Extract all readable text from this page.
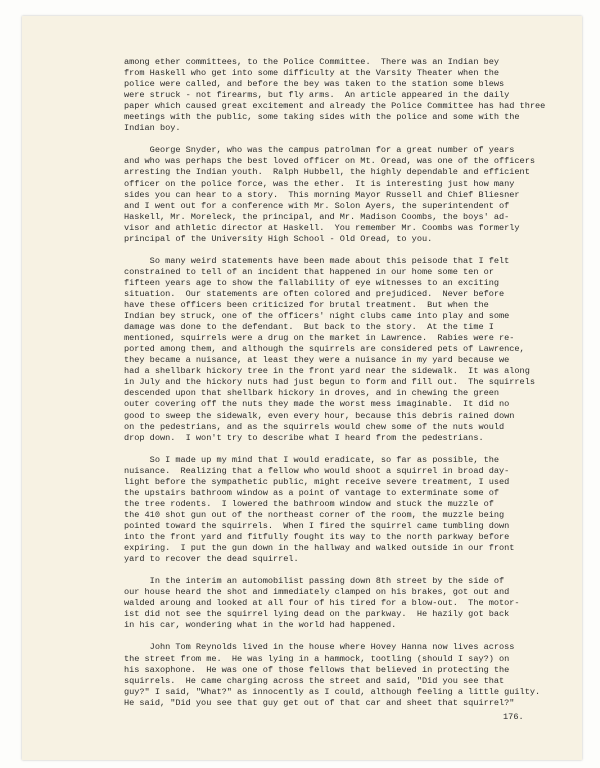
among ether committees, to the Police Committee.  There was an Indian bey
from Haskell who get into some difficulty at the Varsity Theater when the
police were called, and before the bey was taken to the station some blews
were struck - not firearms, but fly arms.  An article appeared in the daily
paper which caused great excitement and already the Police Committee has had three
meetings with the public, some taking sides with the police and some with the
Indian boy.
George Snyder, who was the campus patrolman for a great number of years
and who was perhaps the best loved officer on Mt. Oread, was one of the officers
arresting the Indian youth.  Ralph Hubbell, the highly dependable and efficient
officer on the police force, was the ether.  It is interesting just how many
sides you can hear to a story.  This morning Mayor Russell and Chief Bliesner
and I went out for a conference with Mr. Solon Ayers, the superintendent of
Haskell, Mr. Moreleck, the principal, and Mr. Madison Coombs, the boys' ad-
visor and athletic director at Haskell.  You remember Mr. Coombs was formerly
principal of the University High School - Old Oread, to you.
So many weird statements have been made about this peisode that I felt
constrained to tell of an incident that happened in our home some ten or
fifteen years age to show the fallability of eye witnesses to an exciting
situation.  Our statements are often colored and prejudiced.  Never before
have these officers been criticized for brutal treatment.  But when the
Indian bey struck, one of the officers' night clubs came into play and some
damage was done to the defendant.  But back to the story.  At the time I
mentioned, squirrels were a drug on the market in Lawrence.  Rabies were re-
ported among them, and although the squirrels are considered pets of Lawrence,
they became a nuisance, at least they were a nuisance in my yard because we
had a shellbark hickory tree in the front yard near the sidewalk.  It was along
in July and the hickory nuts had just begun to form and fill out.  The squirrels
descended upon that shellbark hickory in droves, and in chewing the green
outer covering off the nuts they made the worst mess imaginable.  It did no
good to sweep the sidewalk, even every hour, because this debris rained down
on the pedestrians, and as the squirrels would chew some of the nuts would
drop down.  I won't try to describe what I heard from the pedestrians.
So I made up my mind that I would eradicate, so far as possible, the
nuisance.  Realizing that a fellow who would shoot a squirrel in broad day-
light before the sympathetic public, might receive severe treatment, I used
the upstairs bathroom window as a point of vantage to exterminate some of
the tree rodents.  I lowered the bathroom window and stuck the muzzle of
the 410 shot gun out of the northeast corner of the room, the muzzle being
pointed toward the squirrels.  When I fired the squirrel came tumbling down
into the front yard and fitfully fought its way to the north parkway before
expiring.  I put the gun down in the hallway and walked outside in our front
yard to recover the dead squirrel.
In the interim an automobilist passing down 8th street by the side of
our house heard the shot and immediately clamped on his brakes, got out and
walded aroung and looked at all four of his tired for a blow-out.  The motor-
ist did not see the squirrel lying dead on the parkway.  He hazily got back
in his car, wondering what in the world had happened.
John Tom Reynolds lived in the house where Hovey Hanna now lives across
the street from me.  He was lying in a hammock, tootling (should I say?) on
his saxophone.  He was one of those fellows that believed in protecting the
squirrels.  He came charging across the street and said, "Did you see that
guy?" I said, "What?" as innocently as I could, although feeling a little guilty.
He said, "Did you see that guy get out of that car and sheet that squirrel?"
176.
